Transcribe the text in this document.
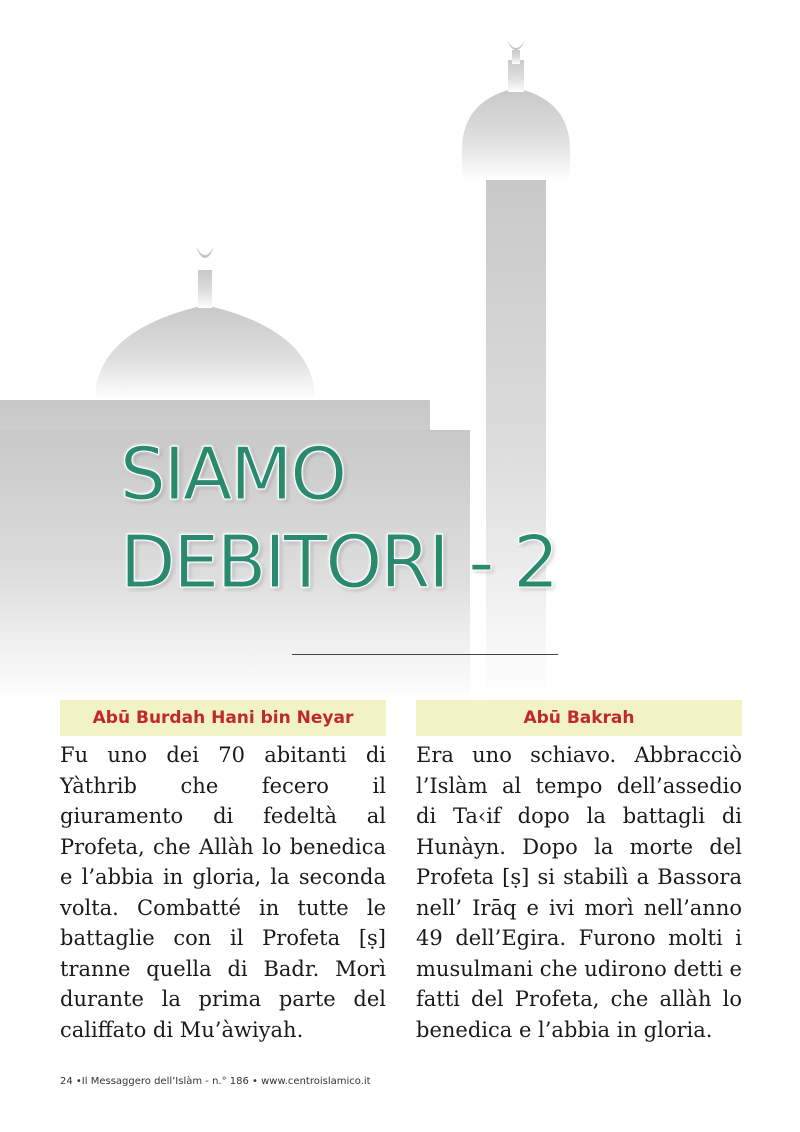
SIAMO
DEBITORI - 2
Abū Burdah Hani bin Neyar

Fu uno dei 70 abitanti di Yàthrib che fecero il giuramento di fedeltà al Profeta, che Allàh lo benedica e l’abbia in gloria, la seconda volta. Combatté in tutte le battaglie con il Profeta [ṣ] tranne quella di Badr. Morì durante la prima parte del califfato di Mu’àwiyah.

Abū Bakrah

Era uno schiavo. Abbracciò l’Islàm al tempo dell’assedio di Ta‹if dopo la battagli di Hunàyn. Dopo la morte del Profeta [ṣ] si stabilì a Bassora nell’ Irāq e ivi morì nell’anno 49 dell’Egira. Furono molti i musulmani che udirono detti e fatti del Profeta, che allàh lo benedica e l’abbia in gloria.

24 •Il Messaggero dell’Islàm - n.° 186 • www.centroislamico.it
